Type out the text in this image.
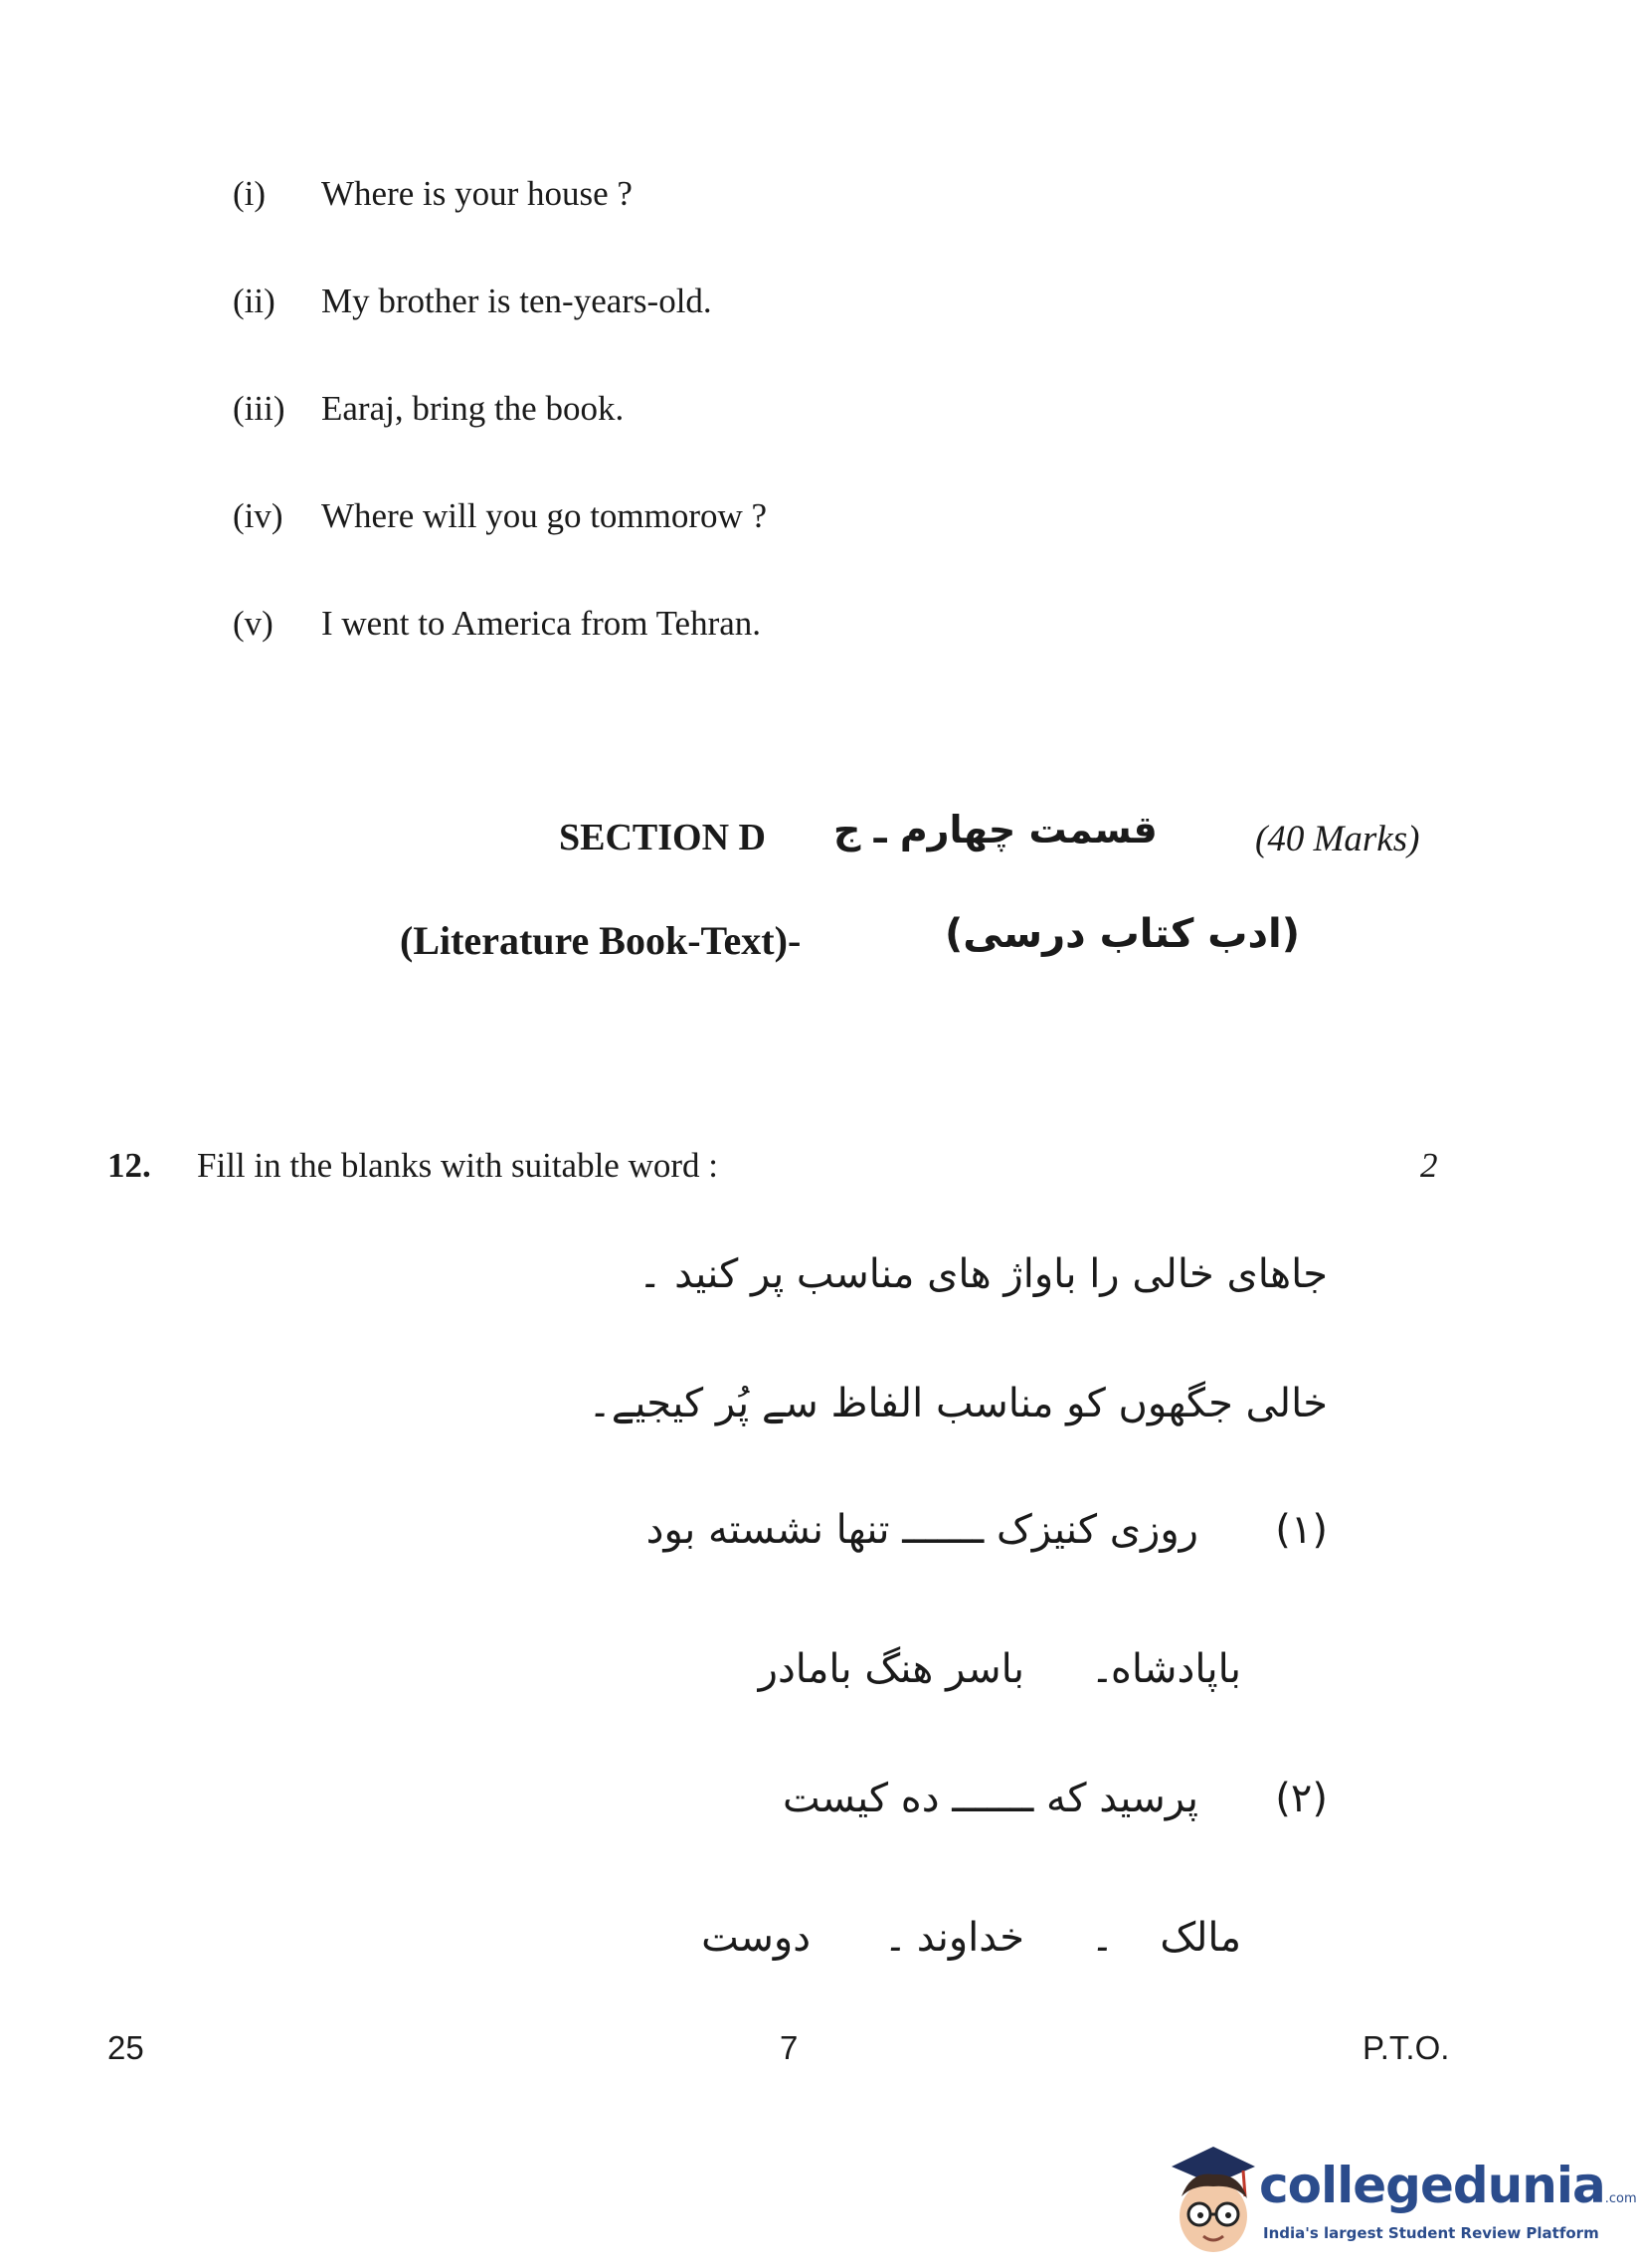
(i) Where is your house ?
(ii) My brother is ten-years-old.
(iii) Earaj, bring the book.
(iv) Where will you go tommorow ?
(v) I went to America from Tehran.
SECTION D قسمت چهارم ـ ج	(40 Marks)
(Literature Book-Text)-	(ادب کتاب درسی)
12. Fill in the blanks with suitable word :	2
جاهای خالی را باواژ های مناسب پر کنید ۔
خالی جگھوں کو مناسب الفاظ سے پُر کیجیے۔
(۱)
روزی کنیزک ـــــــ تنها نشسته بود
باپادشاه
۔
باسر هنگ بامادر
(۲)
پرسید که ـــــــ ده کیست
مالک
۔
خداوند
۔
دوست
25	7	P.T.O.
collegedunia.com
India's largest Student Review Platform
